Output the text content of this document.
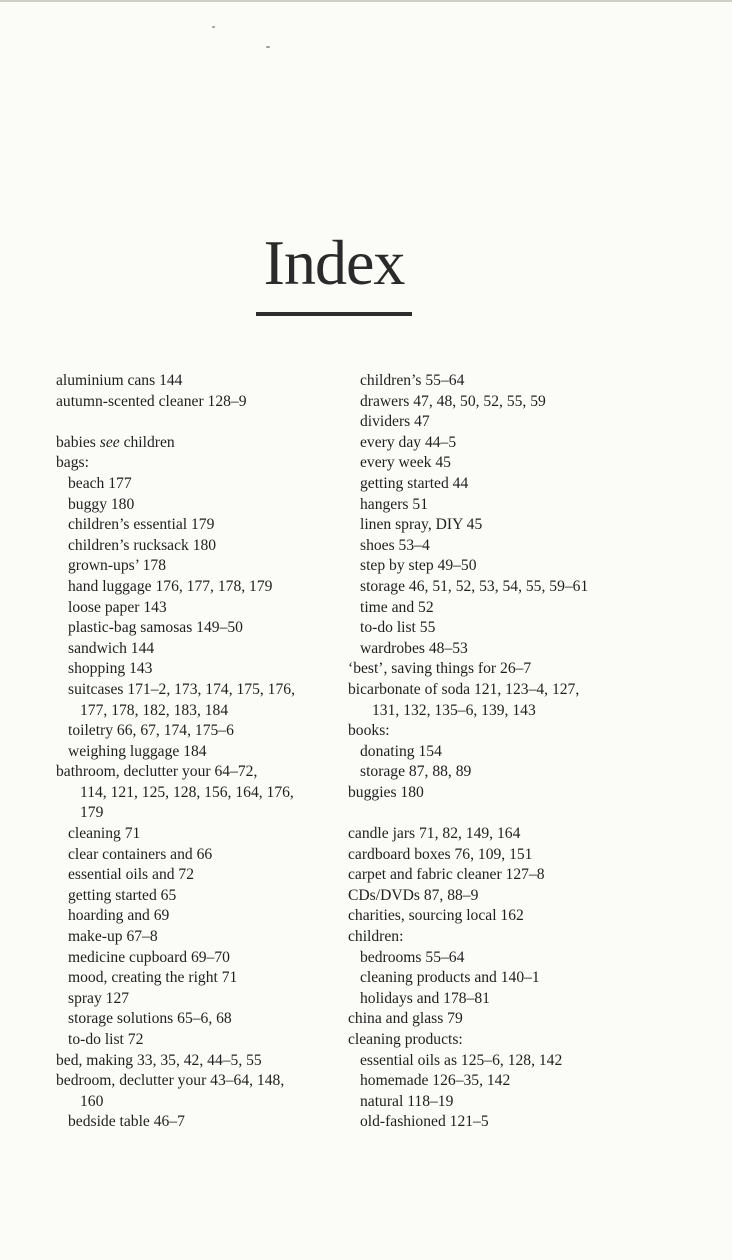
Index
aluminium cans 144
autumn-scented cleaner 128–9
babies see children
bags:
beach 177
buggy 180
children’s essential 179
children’s rucksack 180
grown-ups’ 178
hand luggage 176, 177, 178, 179
loose paper 143
plastic-bag samosas 149–50
sandwich 144
shopping 143
suitcases 171–2, 173, 174, 175, 176,
177, 178, 182, 183, 184
toiletry 66, 67, 174, 175–6
weighing luggage 184
bathroom, declutter your 64–72,
114, 121, 125, 128, 156, 164, 176,
179
cleaning 71
clear containers and 66
essential oils and 72
getting started 65
hoarding and 69
make-up 67–8
medicine cupboard 69–70
mood, creating the right 71
spray 127
storage solutions 65–6, 68
to-do list 72
bed, making 33, 35, 42, 44–5, 55
bedroom, declutter your 43–64, 148,
160
bedside table 46–7
children’s 55–64
drawers 47, 48, 50, 52, 55, 59
dividers 47
every day 44–5
every week 45
getting started 44
hangers 51
linen spray, DIY 45
shoes 53–4
step by step 49–50
storage 46, 51, 52, 53, 54, 55, 59–61
time and 52
to-do list 55
wardrobes 48–53
‘best’, saving things for 26–7
bicarbonate of soda 121, 123–4, 127,
131, 132, 135–6, 139, 143
books:
donating 154
storage 87, 88, 89
buggies 180
candle jars 71, 82, 149, 164
cardboard boxes 76, 109, 151
carpet and fabric cleaner 127–8
CDs/DVDs 87, 88–9
charities, sourcing local 162
children:
bedrooms 55–64
cleaning products and 140–1
holidays and 178–81
china and glass 79
cleaning products:
essential oils as 125–6, 128, 142
homemade 126–35, 142
natural 118–19
old-fashioned 121–5
